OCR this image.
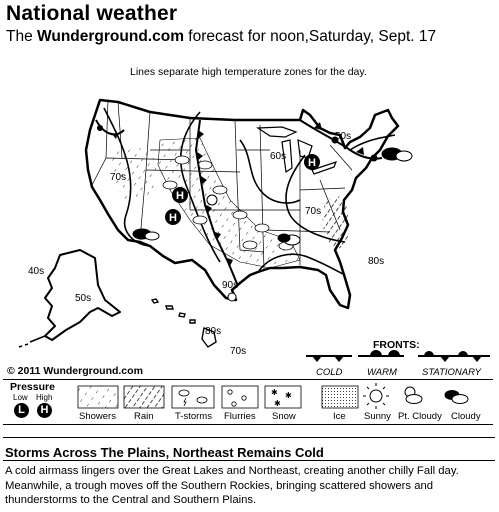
National weather
The Wunderground.com forecast for noon,Saturday, Sept. 17
Lines separate high temperature zones for the day.
H
H
H
✱ ✱
✱
50s
60s
70s
70s
80s
90s
40s
50s
80s
70s
© 2011 Wunderground.com
FRONTS:
COLD	WARM	STATIONARY
Pressure
Low High
L	H
Showers Rain T-storms Flurries Snow	Ice Sunny Pt. Cloudy Cloudy
Storms Across The Plains, Northeast Remains Cold
A cold airmass lingers over the Great Lakes and Northeast, creating another chilly Fall day. Meanwhile, a trough moves off the Southern Rockies, bringing scattered showers and thunderstorms to the Central and Southern Plains.
